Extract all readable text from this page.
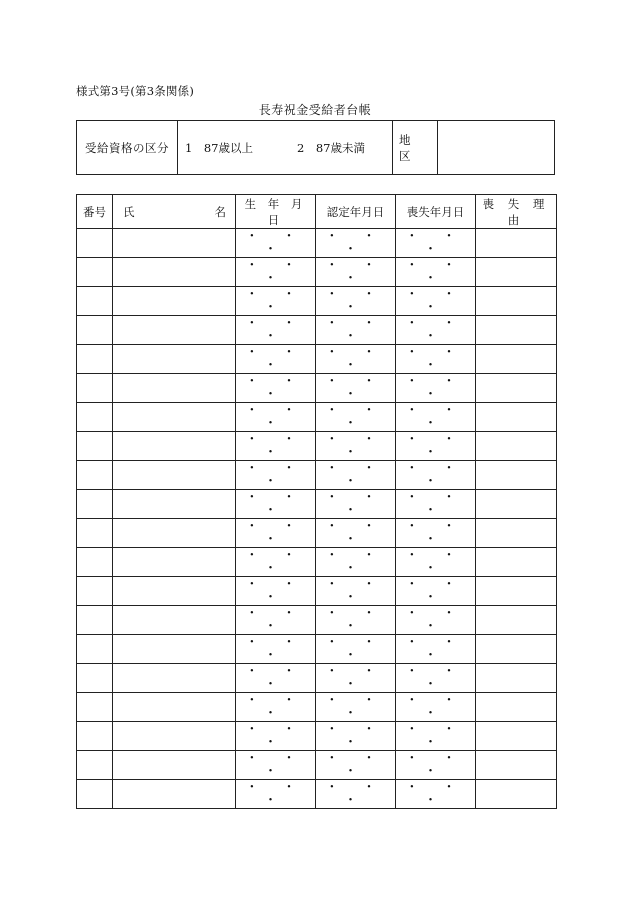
様式第3号(第3条関係)
長寿祝金受給者台帳
受給資格の区分	1　87歳以上	2　87歳未満
地　区
番号	氏 名	生 年 月 日	認定年月日	喪失年月日	喪 失 理 由
		・ ・ ・	・ ・ ・	・ ・ ・	
		・ ・ ・	・ ・ ・	・ ・ ・	
		・ ・ ・	・ ・ ・	・ ・ ・	
		・ ・ ・	・ ・ ・	・ ・ ・	
		・ ・ ・	・ ・ ・	・ ・ ・	
		・ ・ ・	・ ・ ・	・ ・ ・	
		・ ・ ・	・ ・ ・	・ ・ ・	
		・ ・ ・	・ ・ ・	・ ・ ・	
		・ ・ ・	・ ・ ・	・ ・ ・	
		・ ・ ・	・ ・ ・	・ ・ ・	
		・ ・ ・	・ ・ ・	・ ・ ・	
		・ ・ ・	・ ・ ・	・ ・ ・	
		・ ・ ・	・ ・ ・	・ ・ ・	
		・ ・ ・	・ ・ ・	・ ・ ・	
		・ ・ ・	・ ・ ・	・ ・ ・	
		・ ・ ・	・ ・ ・	・ ・ ・	
		・ ・ ・	・ ・ ・	・ ・ ・	
		・ ・ ・	・ ・ ・	・ ・ ・	
		・ ・ ・	・ ・ ・	・ ・ ・	
		・ ・ ・	・ ・ ・	・ ・ ・	
